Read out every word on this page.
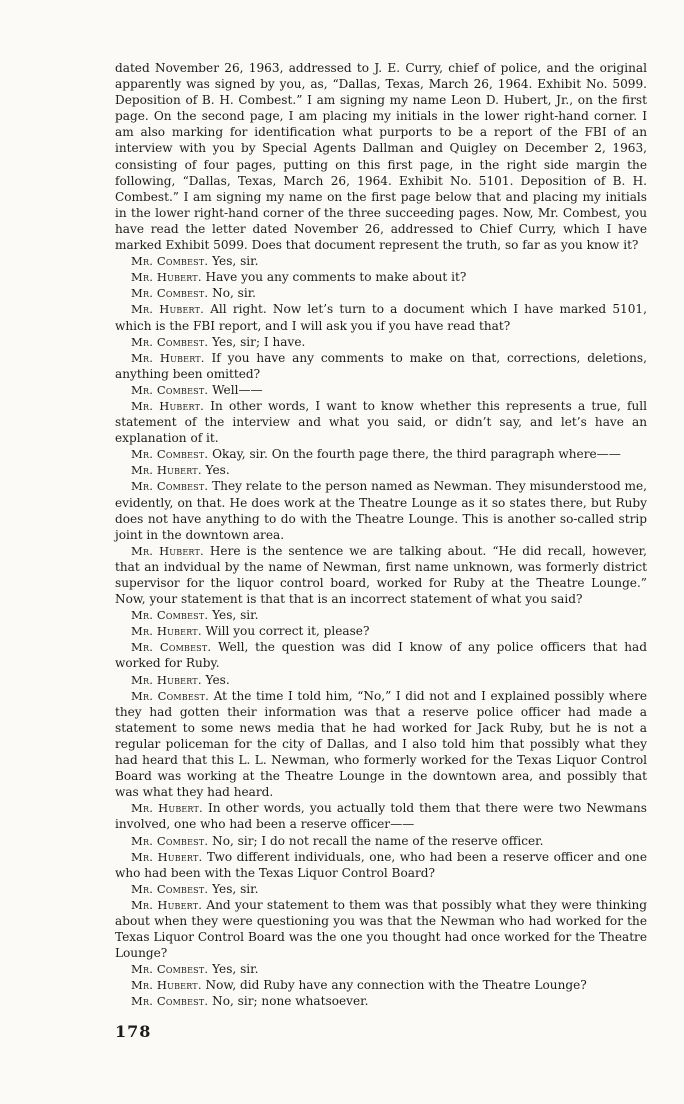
dated November 26, 1963, addressed to J. E. Curry, chief of police, and the original apparently was signed by you, as, “Dallas, Texas, March 26, 1964. Exhibit No. 5099. Deposition of B. H. Combest.” I am signing my name Leon D. Hubert, Jr., on the first page. On the second page, I am placing my initials in the lower right-hand corner. I am also marking for identification what purports to be a report of the FBI of an interview with you by Special Agents Dallman and Quigley on December 2, 1963, consisting of four pages, putting on this first page, in the right side margin the following, “Dallas, Texas, March 26, 1964. Exhibit No. 5101. Deposition of B. H. Combest.” I am signing my name on the first page below that and placing my initials in the lower right-hand corner of the three succeeding pages. Now, Mr. Combest, you have read the letter dated November 26, addressed to Chief Curry, which I have marked Exhibit 5099. Does that document represent the truth, so far as you know it?

Mr. Combest. Yes, sir.

Mr. Hubert. Have you any comments to make about it?

Mr. Combest. No, sir.

Mr. Hubert. All right. Now let’s turn to a document which I have marked 5101, which is the FBI report, and I will ask you if you have read that?

Mr. Combest. Yes, sir; I have.

Mr. Hubert. If you have any comments to make on that, corrections, deletions, anything been omitted?

Mr. Combest. Well——

Mr. Hubert. In other words, I want to know whether this represents a true, full statement of the interview and what you said, or didn’t say, and let’s have an explanation of it.

Mr. Combest. Okay, sir. On the fourth page there, the third paragraph where——

Mr. Hubert. Yes.

Mr. Combest. They relate to the person named as Newman. They misunderstood me, evidently, on that. He does work at the Theatre Lounge as it so states there, but Ruby does not have anything to do with the Theatre Lounge. This is another so-called strip joint in the downtown area.

Mr. Hubert. Here is the sentence we are talking about. “He did recall, however, that an indvidual by the name of Newman, first name unknown, was formerly district supervisor for the liquor control board, worked for Ruby at the Theatre Lounge.” Now, your statement is that that is an incorrect statement of what you said?

Mr. Combest. Yes, sir.

Mr. Hubert. Will you correct it, please?

Mr. Combest. Well, the question was did I know of any police officers that had worked for Ruby.

Mr. Hubert. Yes.

Mr. Combest. At the time I told him, “No,” I did not and I explained possibly where they had gotten their information was that a reserve police officer had made a statement to some news media that he had worked for Jack Ruby, but he is not a regular policeman for the city of Dallas, and I also told him that possibly what they had heard that this L. L. Newman, who formerly worked for the Texas Liquor Control Board was working at the Theatre Lounge in the downtown area, and possibly that was what they had heard.

Mr. Hubert. In other words, you actually told them that there were two Newmans involved, one who had been a reserve officer——

Mr. Combest. No, sir; I do not recall the name of the reserve officer.

Mr. Hubert. Two different individuals, one, who had been a reserve officer and one who had been with the Texas Liquor Control Board?

Mr. Combest. Yes, sir.

Mr. Hubert. And your statement to them was that possibly what they were thinking about when they were questioning you was that the Newman who had worked for the Texas Liquor Control Board was the one you thought had once worked for the Theatre Lounge?

Mr. Combest. Yes, sir.

Mr. Hubert. Now, did Ruby have any connection with the Theatre Lounge?

Mr. Combest. No, sir; none whatsoever.

178
